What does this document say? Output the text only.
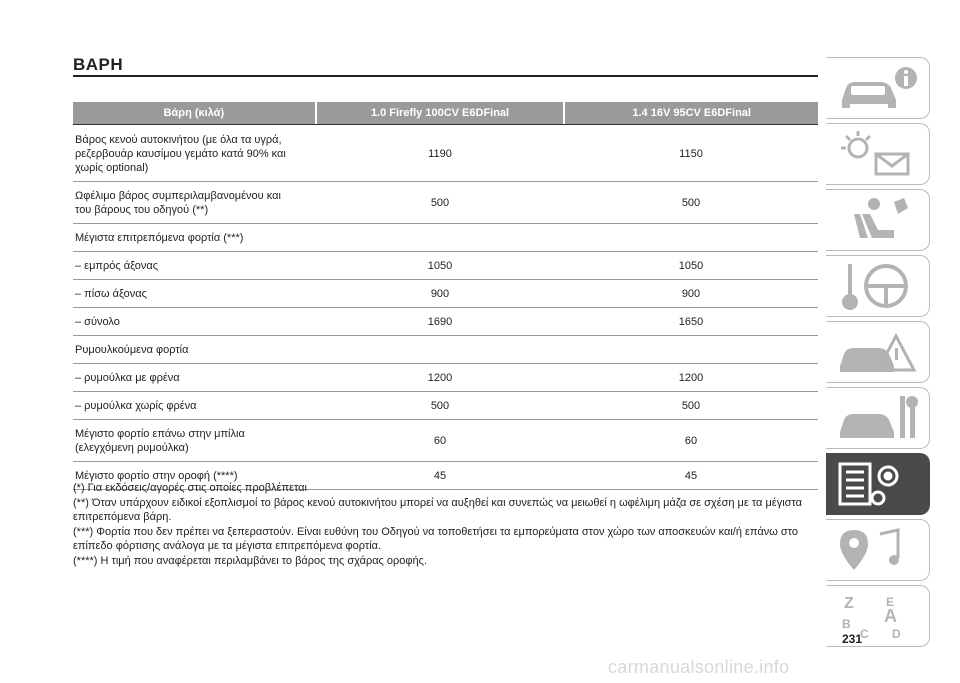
ΒΑΡΗ
Βάρη (κιλά)	1.0 Firefly 100CV E6DFinal	1.4 16V 95CV E6DFinal
Βάρος κενού αυτοκινήτου (με όλα τα υγρά,
ρεζερβουάρ καυσίμου γεμάτο κατά 90% και
χωρίς optional)
1190	1150
Ωφέλιμο βάρος συμπεριλαμβανομένου και
του βάρους του οδηγού (**)
500	500
Μέγιστα επιτρεπόμενα φορτία (***)
– εμπρός άξονας	1050	1050
– πίσω άξονας	900	900
– σύνολο	1690	1650
Ρυμουλκούμενα φορτία
– ρυμούλκα με φρένα	1200	1200
– ρυμούλκα χωρίς φρένα	500	500
Μέγιστο φορτίο επάνω στην μπίλια
(ελεγχόμενη ρυμούλκα)
60	60
Μέγιστο φορτίο στην οροφή (****)	45	45
(*) Για εκδόσεις/αγορές στις οποίες προβλέπεται
(**) Όταν υπάρχουν ειδικοί εξοπλισμοί το βάρος κενού αυτοκινήτου μπορεί να αυξηθεί και συνεπώς να μειωθεί η ωφέλιμη μάζα σε σχέση με τα μέγιστα επιτρεπόμενα βάρη.
(***) Φορτία που δεν πρέπει να ξεπεραστούν. Είναι ευθύνη του Οδηγού να τοποθετήσει τα εμπορεύματα στον χώρο των αποσκευών και/ή επάνω στο επίπεδο φόρτισης ανάλογα με τα μέγιστα επιτρεπόμενα φορτία.
(****) Η τιμή που αναφέρεται περιλαμβάνει το βάρος της σχάρας οροφής.
Z	E
B A
C D
231
carmanualsonline.info
